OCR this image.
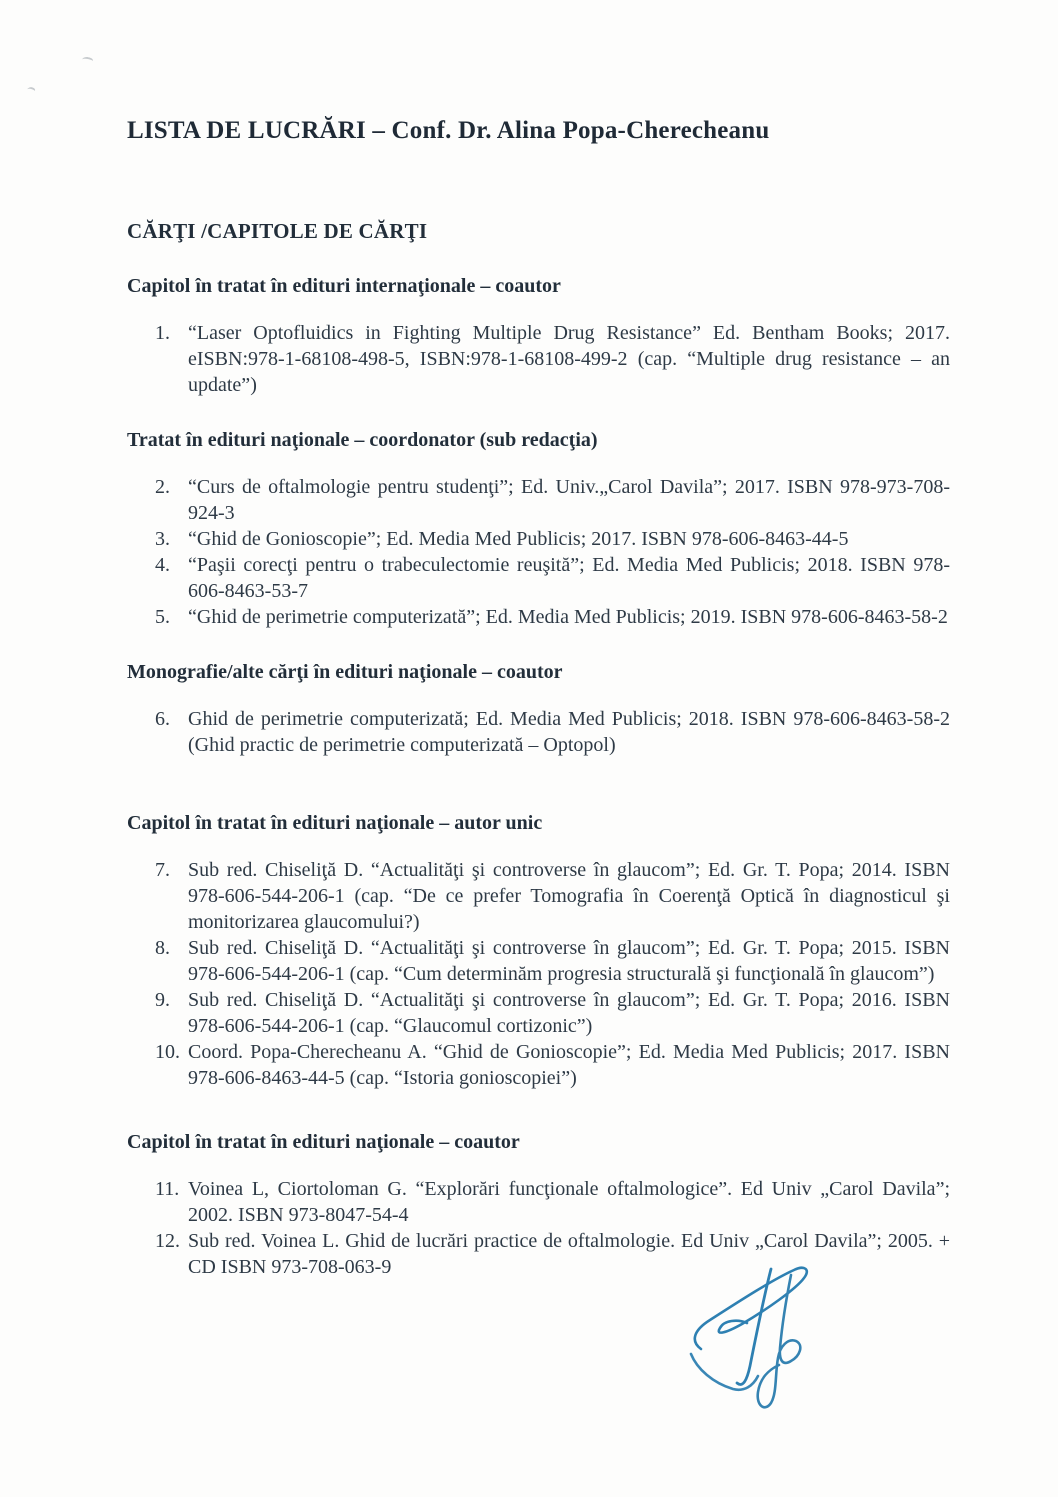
LISTA DE LUCRĂRI – Conf. Dr. Alina Popa-Cherecheanu
CĂRŢI /CAPITOLE DE CĂRŢI
Capitol în tratat în edituri internaţionale – coautor
1. “Laser Optofluidics in Fighting Multiple Drug Resistance” Ed. Bentham Books; 2017. eISBN:978-1-68108-498-5, ISBN:978-1-68108-499-2 (cap. “Multiple drug resistance – an update”)
Tratat în edituri naţionale – coordonator (sub redacţia)
2. “Curs de oftalmologie pentru studenţi”; Ed. Univ.„Carol Davila”; 2017. ISBN 978-973-708-924-3
3. “Ghid de Gonioscopie”; Ed. Media Med Publicis; 2017. ISBN 978-606-8463-44-5
4. “Paşii corecţi pentru o trabeculectomie reuşită”; Ed. Media Med Publicis; 2018. ISBN 978-606-8463-53-7
5. “Ghid de perimetrie computerizată”; Ed. Media Med Publicis; 2019. ISBN 978-606-8463-58-2
Monografie/alte cărţi în edituri naţionale – coautor
6. Ghid de perimetrie computerizată; Ed. Media Med Publicis; 2018. ISBN 978-606-8463-58-2 (Ghid practic de perimetrie computerizată – Optopol)
Capitol în tratat în edituri naţionale – autor unic
7. Sub red. Chiseliţă D. “Actualităţi şi controverse în glaucom”; Ed. Gr. T. Popa; 2014. ISBN 978-606-544-206-1 (cap. “De ce prefer Tomografia în Coerenţă Optică în diagnosticul şi monitorizarea glaucomului?)
8. Sub red. Chiseliţă D. “Actualităţi şi controverse în glaucom”; Ed. Gr. T. Popa; 2015. ISBN 978-606-544-206-1 (cap. “Cum determinăm progresia structurală şi funcţională în glaucom”)
9. Sub red. Chiseliţă D. “Actualităţi şi controverse în glaucom”; Ed. Gr. T. Popa; 2016. ISBN 978-606-544-206-1 (cap. “Glaucomul cortizonic”)
10. Coord. Popa-Cherecheanu A. “Ghid de Gonioscopie”; Ed. Media Med Publicis; 2017. ISBN 978-606-8463-44-5 (cap. “Istoria gonioscopiei”)
Capitol în tratat în edituri naţionale – coautor
11. Voinea L, Ciortoloman G. “Explorări funcţionale oftalmologice”. Ed Univ „Carol Davila”; 2002. ISBN 973-8047-54-4
12. Sub red. Voinea L. Ghid de lucrări practice de oftalmologie. Ed Univ „Carol Davila”; 2005. + CD ISBN 973-708-063-9
